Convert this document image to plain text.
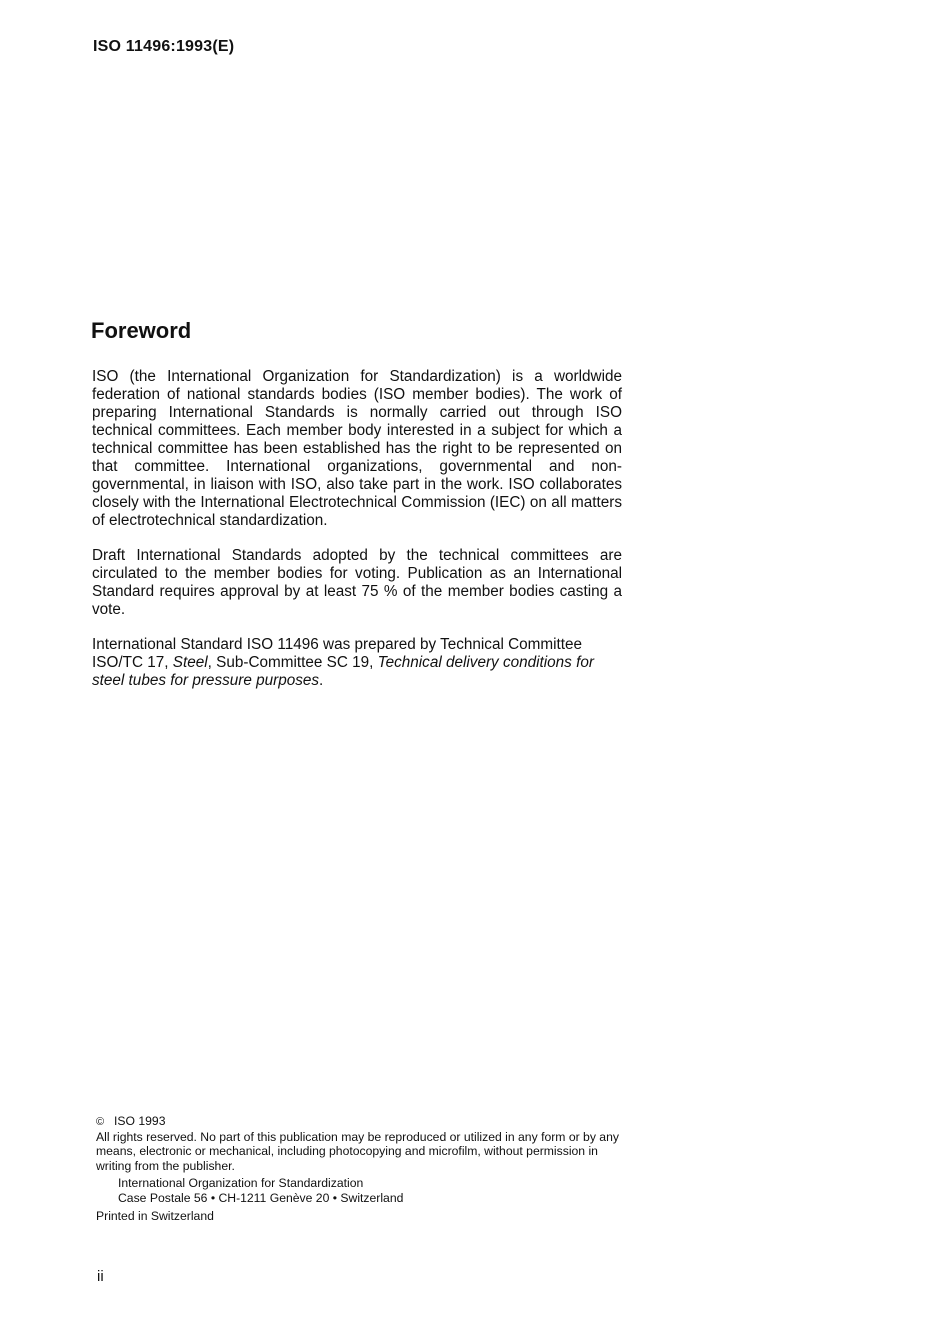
ISO 11496:1993(E)
Foreword

ISO (the International Organization for Standardization) is a worldwide federation of national standards bodies (ISO member bodies). The work of preparing International Standards is normally carried out through ISO technical committees. Each member body interested in a subject for which a technical committee has been established has the right to be represented on that committee. International organizations, governmental and non-governmental, in liaison with ISO, also take part in the work. ISO collaborates closely with the International Electrotechnical Commission (IEC) on all matters of electrotechnical standardization.

Draft International Standards adopted by the technical committees are circulated to the member bodies for voting. Publication as an International Standard requires approval by at least 75 % of the member bodies casting a vote.

International Standard ISO 11496 was prepared by Technical Committee ISO/TC 17, Steel, Sub-Committee SC 19, Technical delivery conditions for steel tubes for pressure purposes.

© ISO 1993
All rights reserved. No part of this publication may be reproduced or utilized in any form or by any means, electronic or mechanical, including photocopying and microfilm, without permission in writing from the publisher.
International Organization for Standardization
Case Postale 56 • CH-1211 Genève 20 • Switzerland
Printed in Switzerland
ii
